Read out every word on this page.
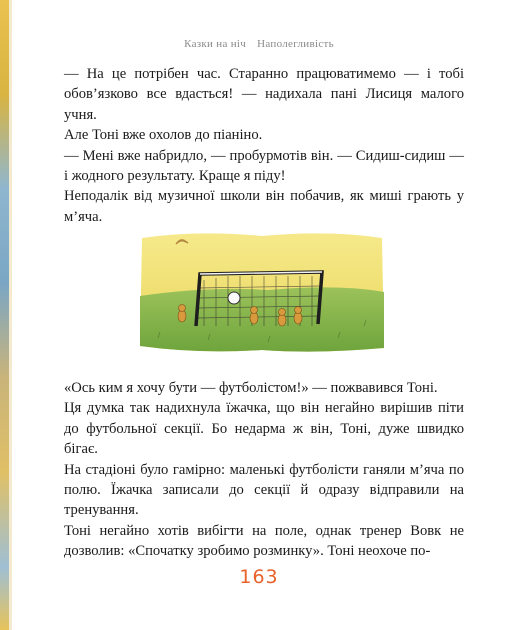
Казки на ніч Наполегливість

— На це потрібен час. Старанно працюватимемо — і тобі обов’язково все вдасться! — надихала пані Лисиця малого учня.

Але Тоні вже охолов до піаніно.

— Мені вже набридло, — пробурмотів він. — Сидиш-сидиш — і жодного результату. Краще я піду!

Неподалік від музичної школи він побачив, як миші грають у м’яча.

«Ось ким я хочу бути — футболістом!» — пожвавився Тоні.

Ця думка так надихнула їжачка, що він негайно вирішив піти до футбольної секції. Бо недарма ж він, Тоні, дуже швидко бігає.

На стадіоні було гамірно: маленькі футболісти ганяли м’яча по полю. Їжачка записали до секції й одразу відправили на тренування.

Тоні негайно хотів вибігти на поле, однак тренер Вовк не дозволив: «Спочатку зробимо розминку». Тоні неохоче по-

163
